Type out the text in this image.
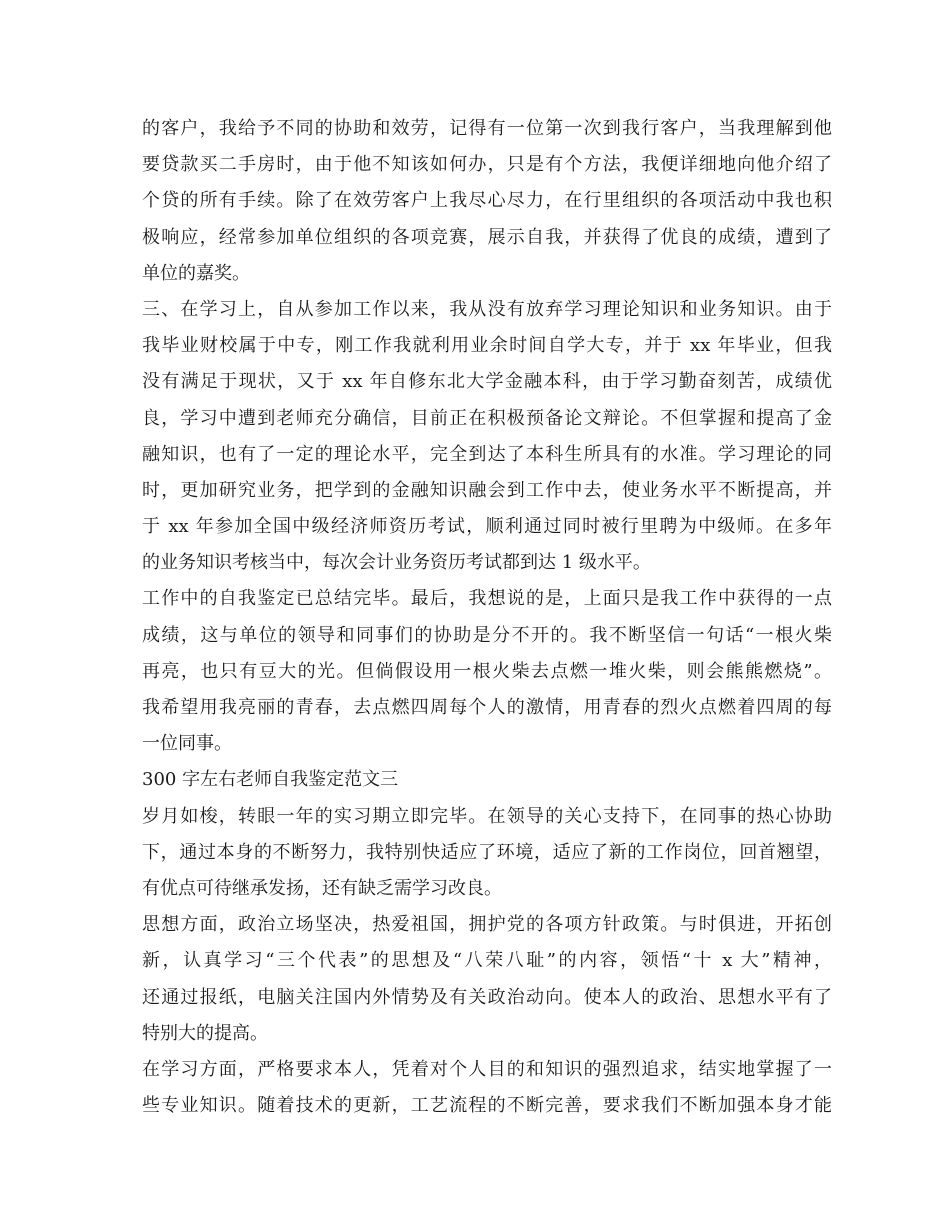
的客户，我给予不同的协助和效劳，记得有一位第一次到我行客户，当我理解到他
要贷款买二手房时，由于他不知该如何办，只是有个方法，我便详细地向他介绍了
个贷的所有手续。除了在效劳客户上我尽心尽力，在行里组织的各项活动中我也积
极响应，经常参加单位组织的各项竞赛，展示自我，并获得了优良的成绩，遭到了
单位的嘉奖。
三、在学习上，自从参加工作以来，我从没有放弃学习理论知识和业务知识。由于
我毕业财校属于中专，刚工作我就利用业余时间自学大专，并于 xx 年毕业，但我
没有满足于现状，又于 xx 年自修东北大学金融本科，由于学习勤奋刻苦，成绩优
良，学习中遭到老师充分确信，目前正在积极预备论文辩论。不但掌握和提高了金
融知识，也有了一定的理论水平，完全到达了本科生所具有的水准。学习理论的同
时，更加研究业务，把学到的金融知识融会到工作中去，使业务水平不断提高，并
于 xx 年参加全国中级经济师资历考试，顺利通过同时被行里聘为中级师。在多年
的业务知识考核当中，每次会计业务资历考试都到达 1 级水平。
工作中的自我鉴定已总结完毕。最后，我想说的是，上面只是我工作中获得的一点
成绩，这与单位的领导和同事们的协助是分不开的。我不断坚信一句话“一根火柴
再亮，也只有豆大的光。但倘假设用一根火柴去点燃一堆火柴，则会熊熊燃烧”。
我希望用我亮丽的青春，去点燃四周每个人的激情，用青春的烈火点燃着四周的每
一位同事。
300 字左右老师自我鉴定范文三
岁月如梭，转眼一年的实习期立即完毕。在领导的关心支持下，在同事的热心协助
下，通过本身的不断努力，我特别快适应了环境，适应了新的工作岗位，回首翘望，
有优点可待继承发扬，还有缺乏需学习改良。
思想方面，政治立场坚决，热爱祖国，拥护党的各项方针政策。与时俱进，开拓创
新，认真学习“三个代表”的思想及“八荣八耻”的内容，领悟“十 x 大”精神，
还通过报纸，电脑关注国内外情势及有关政治动向。使本人的政治、思想水平有了
特别大的提高。
在学习方面，严格要求本人，凭着对个人目的和知识的强烈追求，结实地掌握了一
些专业知识。随着技术的更新，工艺流程的不断完善，要求我们不断加强本身才能
